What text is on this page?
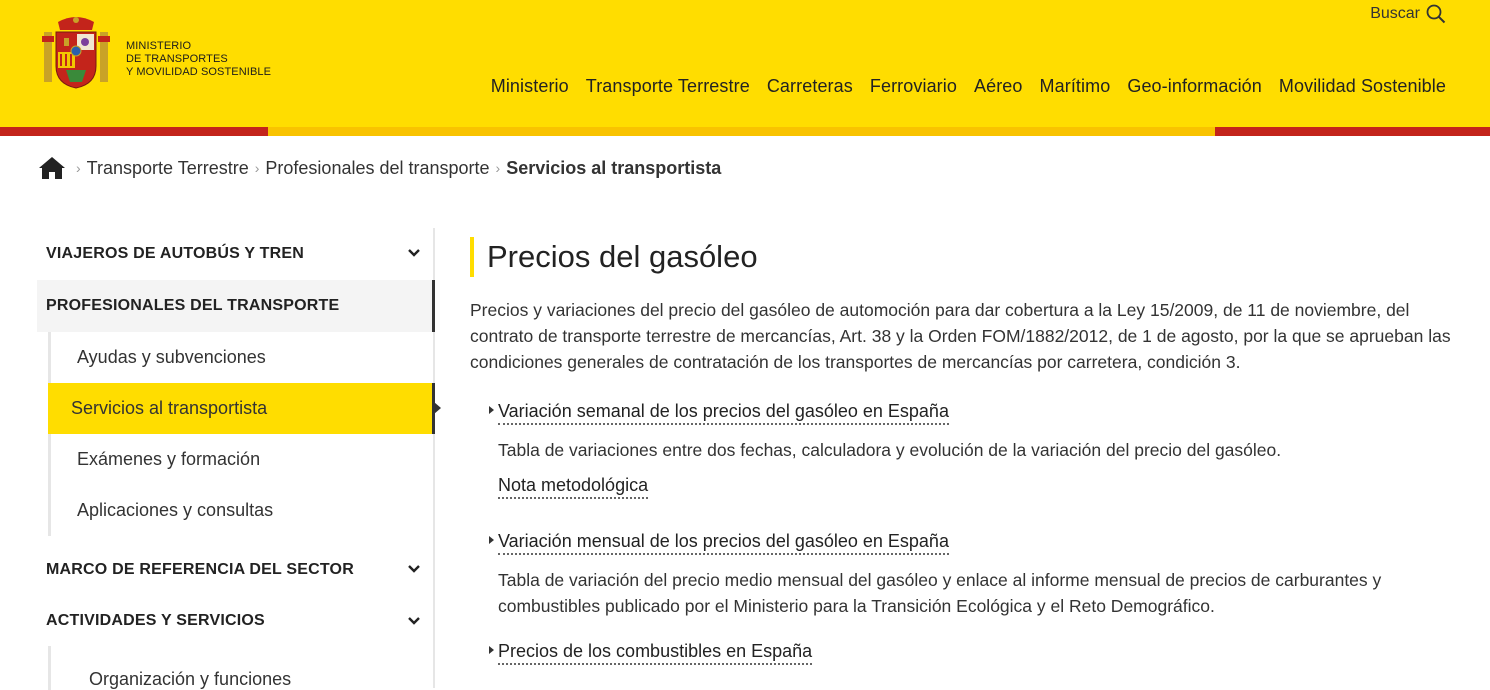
MINISTERIO
DE TRANSPORTES
Y MOVILIDAD SOSTENIBLE
Buscar
Ministerio Transporte Terrestre Carreteras Ferroviario Aéreo Marítimo Geo-información Movilidad Sostenible
› Transporte Terrestre › Profesionales del transporte › Servicios al transportista
VIAJEROS DE AUTOBÚS Y TREN
PROFESIONALES DEL TRANSPORTE
Ayudas y subvenciones
Servicios al transportista
Exámenes y formación
Aplicaciones y consultas
MARCO DE REFERENCIA DEL SECTOR
ACTIVIDADES Y SERVICIOS
Organización y funciones
Precios del gasóleo

Precios y variaciones del precio del gasóleo de automoción para dar cobertura a la Ley 15/2009, de 11 de noviembre, del contrato de transporte terrestre de mercancías, Art. 38 y la Orden FOM/1882/2012, de 1 de agosto, por la que se aprueban las condiciones generales de contratación de los transportes de mercancías por carretera, condición 3.

Variación semanal de los precios del gasóleo en España

Tabla de variaciones entre dos fechas, calculadora y evolución de la variación del precio del gasóleo.

Nota metodológica
Variación mensual de los precios del gasóleo en España

Tabla de variación del precio medio mensual del gasóleo y enlace al informe mensual de precios de carburantes y combustibles publicado por el Ministerio para la Transición Ecológica y el Reto Demográfico.

Precios de los combustibles en España
